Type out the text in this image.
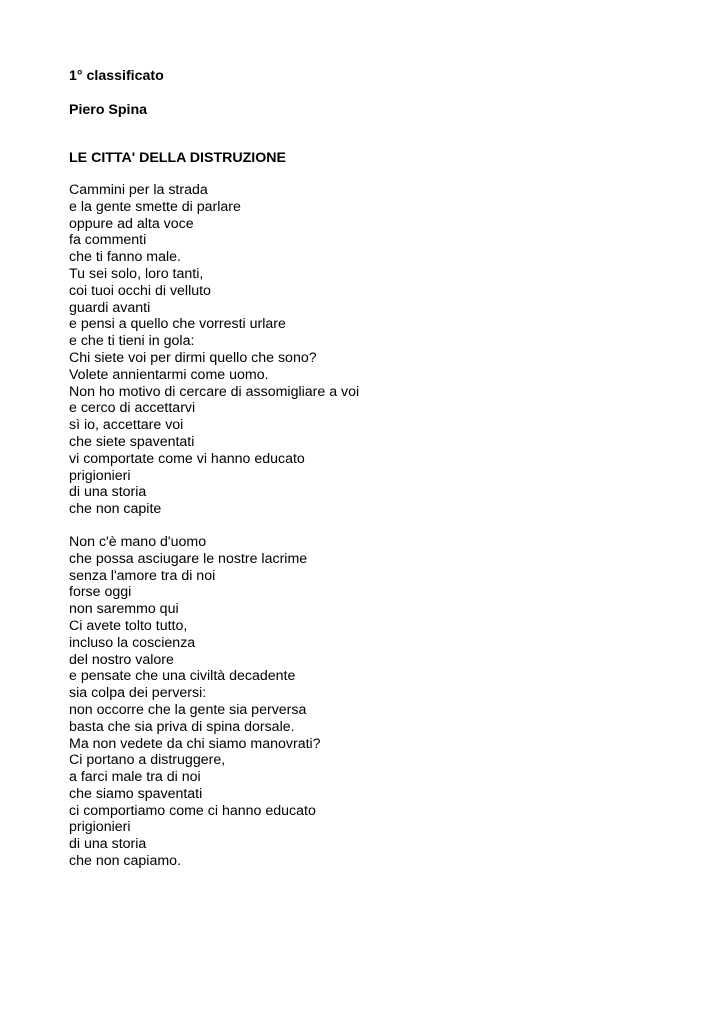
1° classificato

Piero Spina

LE CITTA' DELLA DISTRUZIONE

Cammini per la strada
e la gente smette di parlare
oppure ad alta voce
fa commenti
che ti fanno male.
Tu sei solo, loro tanti,
coi tuoi occhi di velluto
guardi avanti
e pensi a quello che vorresti urlare
e che ti tieni in gola:
Chi siete voi per dirmi quello che sono?
Volete annientarmi come uomo.
Non ho motivo di cercare di assomigliare a voi
e cerco di accettarvi
sì io, accettare voi
che siete spaventati
vi comportate come vi hanno educato
prigionieri
di una storia
che non capite
Non c'è mano d'uomo
che possa asciugare le nostre lacrime
senza l'amore tra di noi
forse oggi
non saremmo qui
Ci avete tolto tutto,
incluso la coscienza
del nostro valore
e pensate che una civiltà decadente
sia colpa dei perversi:
non occorre che la gente sia perversa
basta che sia priva di spina dorsale.
Ma non vedete da chi siamo manovrati?
Ci portano a distruggere,
a farci male tra di noi
che siamo spaventati
ci comportiamo come ci hanno educato
prigionieri
di una storia
che non capiamo.
